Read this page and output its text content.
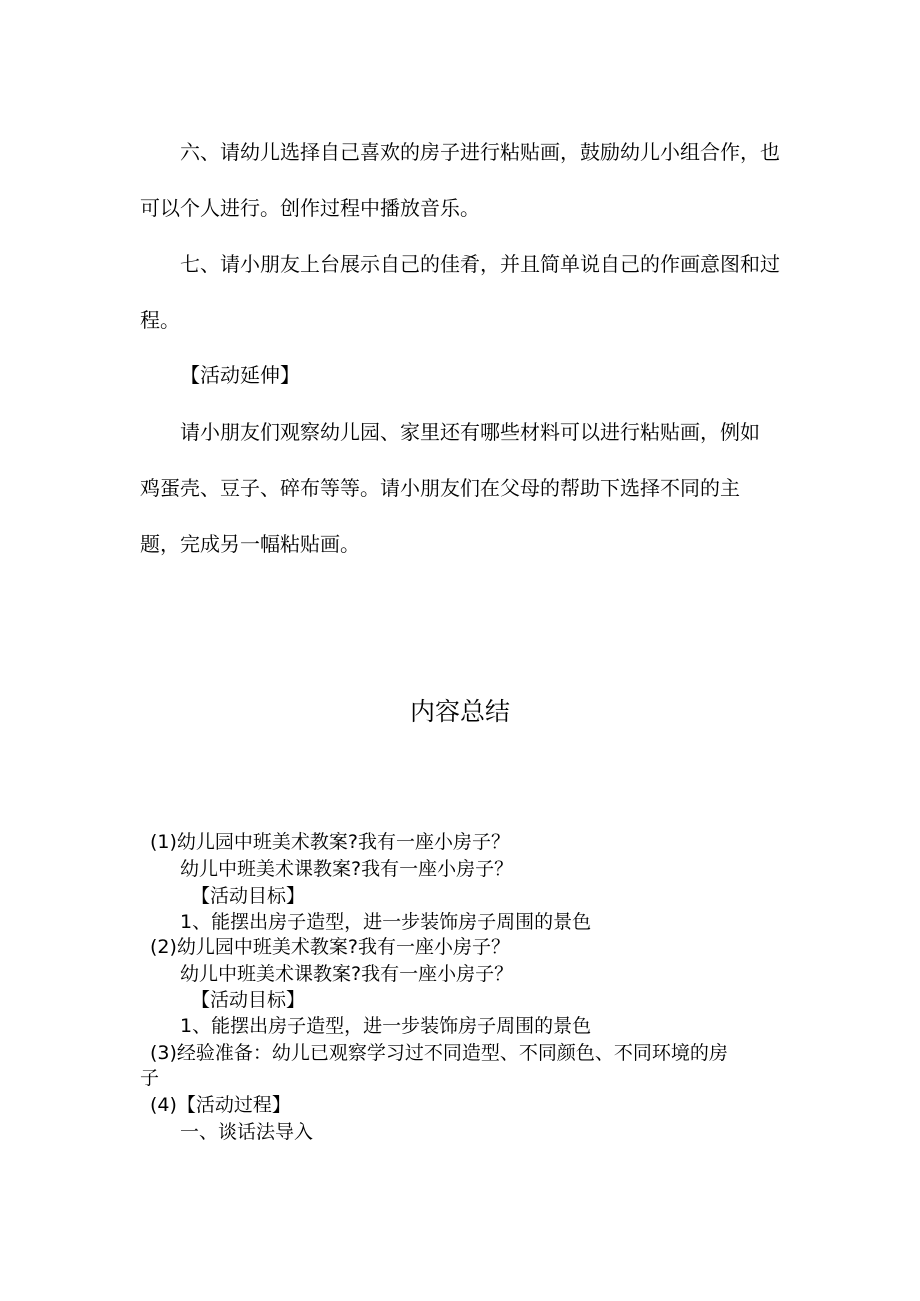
六、请幼儿选择自己喜欢的房子进行粘贴画，鼓励幼儿小组合作，也
可以个人进行。创作过程中播放音乐。
七、请小朋友上台展示自己的佳肴，并且简单说自己的作画意图和过
程。
【活动延伸】
请小朋友们观察幼儿园、家里还有哪些材料可以进行粘贴画，例如
鸡蛋壳、豆子、碎布等等。请小朋友们在父母的帮助下选择不同的主
题，完成另一幅粘贴画。
内容总结
(1)幼儿园中班美术教案?我有一座小房子？
幼儿中班美术课教案?我有一座小房子？
【活动目标】
1、能摆出房子造型，进一步装饰房子周围的景色
(2)幼儿园中班美术教案?我有一座小房子？
幼儿中班美术课教案?我有一座小房子？
【活动目标】
1、能摆出房子造型，进一步装饰房子周围的景色
(3)经验准备：幼儿已观察学习过不同造型、不同颜色、不同环境的房
子
(4)【活动过程】
一、谈话法导入
